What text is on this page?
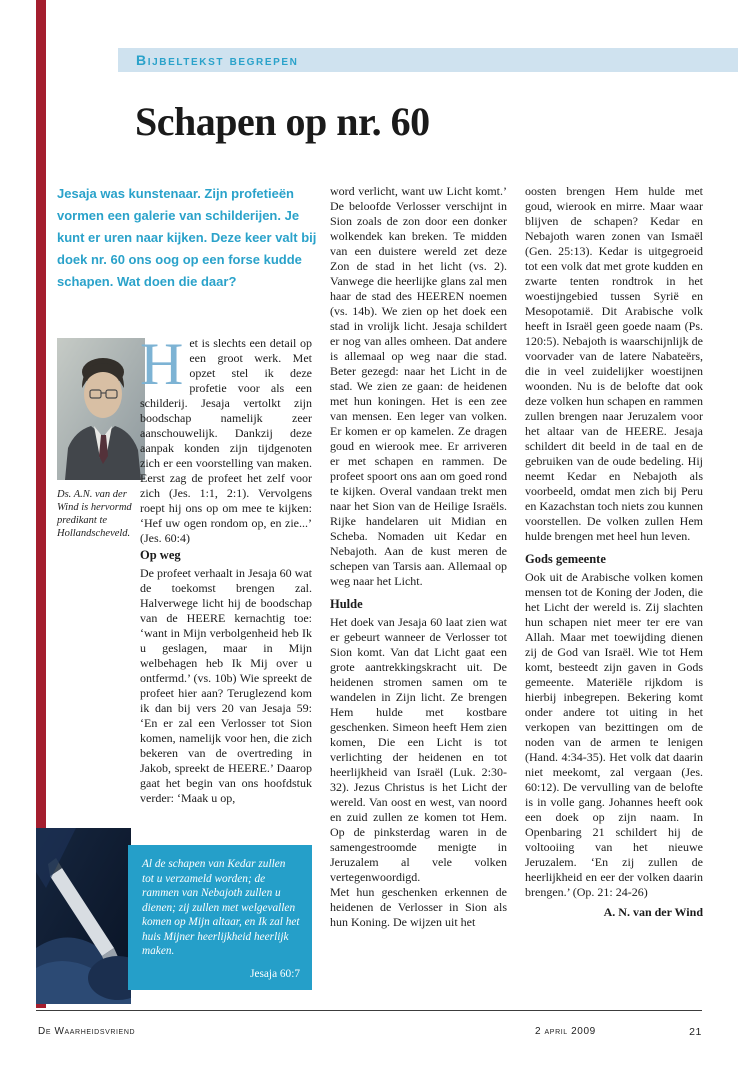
Bijbeltekst begrepen
Schapen op nr. 60

Jesaja was kunstenaar. Zijn profetieën vormen een galerie van schilderijen. Je kunt er uren naar kijken. Deze keer valt bij doek nr. 60 ons oog op een forse kudde schapen. Wat doen die daar?

Ds. A.N. van der Wind is hervormd predikant te Hollandscheveld.

Het is slechts een detail op een groot werk. Met opzet stel ik deze profetie voor als een schilderij. Jesaja vertolkt zijn boodschap namelijk zeer aanschouwelijk. Dankzij deze aanpak konden zijn tijdgenoten zich er een voorstelling van maken. Eerst zag de profeet het zelf voor zich (Jes. 1:1, 2:1). Vervolgens roept hij ons op om mee te kijken: ‘Hef uw ogen rondom op, en zie...’ (Jes. 60:4)

Op weg

De profeet verhaalt in Jesaja 60 wat de toekomst brengen zal. Halverwege licht hij de boodschap van de HEERE kernachtig toe: ‘want in Mijn verbolgenheid heb Ik u geslagen, maar in Mijn welbehagen heb Ik Mij over u ontfermd.’ (vs. 10b) Wie spreekt de profeet hier aan? Teruglezend kom ik dan bij vers 20 van Jesaja 59: ‘En er zal een Verlosser tot Sion komen, namelijk voor hen, die zich bekeren van de overtreding in Jakob, spreekt de HEERE.’ Daarop gaat het begin van ons hoofdstuk verder: ‘Maak u op,

Al de schapen van Kedar zullen tot u verzameld worden; de rammen van Nebajoth zullen u dienen; zij zullen met welgevallen komen op Mijn altaar, en Ik zal het huis Mijner heerlijkheid heerlijk maken.

Jesaja 60:7

word verlicht, want uw Licht komt.’ De beloofde Verlosser verschijnt in Sion zoals de zon door een donker wolkendek kan breken. Te midden van een duistere wereld zet deze Zon de stad in het licht (vs. 2). Vanwege die heerlijke glans zal men haar de stad des HEEREN noemen (vs. 14b). We zien op het doek een stad in vrolijk licht. Jesaja schildert er nog van alles omheen. Dat andere is allemaal op weg naar die stad. Beter gezegd: naar het Licht in de stad. We zien ze gaan: de heidenen met hun koningen. Het is een zee van mensen. Een leger van volken. Er komen er op kamelen. Ze dragen goud en wierook mee. Er arriveren er met schapen en rammen. De profeet spoort ons aan om goed rond te kijken. Overal vandaan trekt men naar het Sion van de Heilige Israëls. Rijke handelaren uit Midian en Scheba. Nomaden uit Kedar en Nebajoth. Aan de kust meren de schepen van Tarsis aan. Allemaal op weg naar het Licht.

Hulde

Het doek van Jesaja 60 laat zien wat er gebeurt wanneer de Verlosser tot Sion komt. Van dat Licht gaat een grote aantrekkingskracht uit. De heidenen stromen samen om te wandelen in Zijn licht. Ze brengen Hem hulde met kostbare geschenken. Simeon heeft Hem zien komen, Die een Licht is tot verlichting der heidenen en tot heerlijkheid van Israël (Luk. 2:30-32). Jezus Christus is het Licht der wereld. Van oost en west, van noord en zuid zullen ze komen tot Hem. Op de pinksterdag waren in de samengestroomde menigte in Jeruzalem al vele volken vertegenwoordigd.

Met hun geschenken erkennen de heidenen de Verlosser in Sion als hun Koning. De wijzen uit het

oosten brengen Hem hulde met goud, wierook en mirre. Maar waar blijven de schapen? Kedar en Nebajoth waren zonen van Ismaël (Gen. 25:13). Kedar is uitgegroeid tot een volk dat met grote kudden en zwarte tenten rondtrok in het woestijngebied tussen Syrië en Mesopotamië. Dit Arabische volk heeft in Israël geen goede naam (Ps. 120:5). Nebajoth is waarschijnlijk de voorvader van de latere Nabateërs, die in veel zuidelijker woestijnen woonden. Nu is de belofte dat ook deze volken hun schapen en rammen zullen brengen naar Jeruzalem voor het altaar van de HEERE. Jesaja schildert dit beeld in de taal en de gebruiken van de oude bedeling. Hij neemt Kedar en Nebajoth als voorbeeld, omdat men zich bij Peru en Kazachstan toch niets zou kunnen voorstellen. De volken zullen Hem hulde brengen met heel hun leven.

Gods gemeente

Ook uit de Arabische volken komen mensen tot de Koning der Joden, die het Licht der wereld is. Zij slachten hun schapen niet meer ter ere van Allah. Maar met toewijding dienen zij de God van Israël. Wie tot Hem komt, besteedt zijn gaven in Gods gemeente. Materiële rijkdom is hierbij inbegrepen. Bekering komt onder andere tot uiting in het verkopen van bezittingen om de noden van de armen te lenigen (Hand. 4:34-35). Het volk dat daarin niet meekomt, zal vergaan (Jes. 60:12). De vervulling van de belofte is in volle gang. Johannes heeft ook een doek op zijn naam. In Openbaring 21 schildert hij de voltooiing van het nieuwe Jeruzalem. ‘En zij zullen de heerlijkheid en eer der volken daarin brengen.’ (Op. 21: 24-26)

A. N. van der Wind

De Waarheidsvriend	2 april 2009	21
